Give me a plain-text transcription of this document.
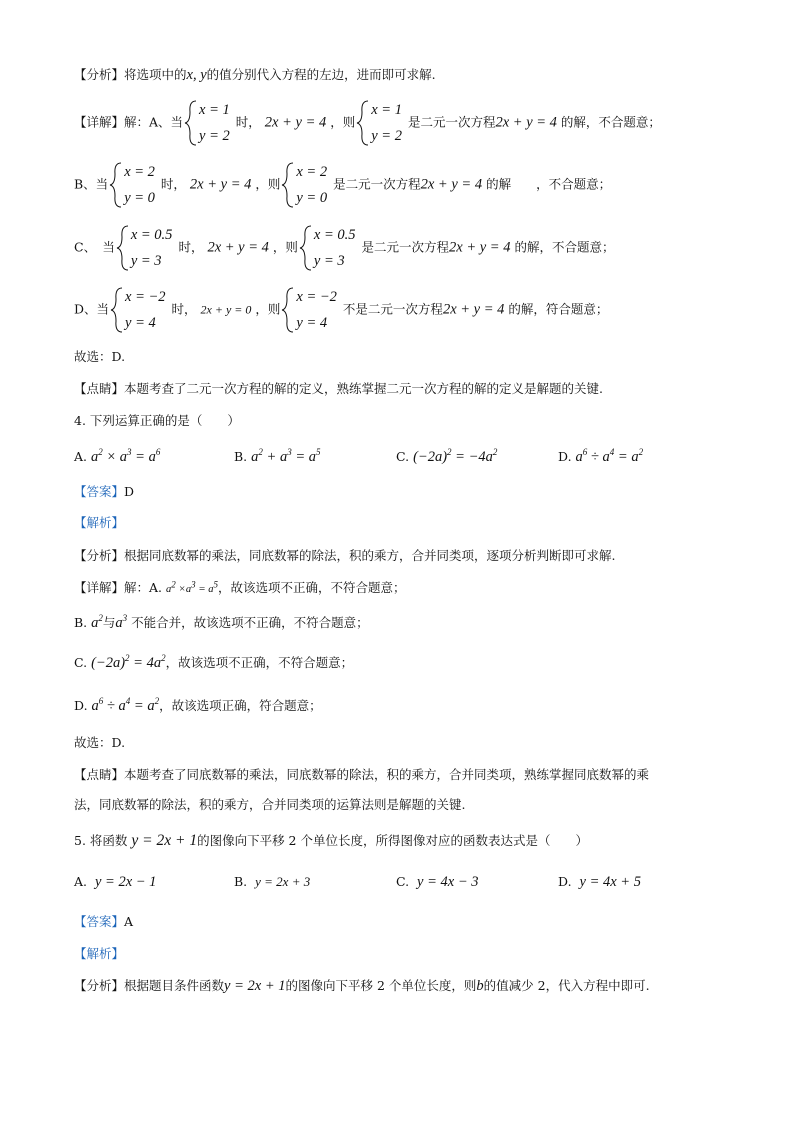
【分析】将选项中的x, y的值分别代入方程的左边，进而即可求解.
【详解】解：A、当
x = 1
y = 2
时， 2x + y = 4 ，则
x = 1
y = 2
是二元一次方程2x + y = 4 的解，不合题意；
B、当
x = 2
y = 0
时， 2x + y = 4 ，则
x = 2
y = 0
是二元一次方程2x + y = 4 的解　　，不合题意；
C、　当
x = 0.5
y = 3
时， 2x + y = 4 ，则
x = 0.5
y = 3
是二元一次方程2x + y = 4 的解，不合题意；
D、当
x = −2
y = 4
时， 2x + y = 0 ，则
x = −2
y = 4
不是二元一次方程2x + y = 4 的解，符合题意；
故选：D.
【点睛】本题考查了二元一次方程的解的定义，熟练掌握二元一次方程的解的定义是解题的关键.
4. 下列运算正确的是（　　）
A. $a^2 \times a^3 = a^6$	B. $a^2 + a^3 = a^5$	C. $(-2a)^2 = -4a^2$	D. $a^6 \div a^4 = a^2$
【答案】D
【解析】
【分析】根据同底数幂的乘法，同底数幂的除法，积的乘方，合并同类项，逐项分析判断即可求解.
【详解】解：A. $a^2 \times a^3 = a^5$，故该选项不正确，不符合题意；
B. $a^2$与$a^3$ 不能合并，故该选项不正确，不符合题意；
C. $(-2a)^2 = 4a^2$，故该选项不正确，不符合题意；
D. $a^6 \div a^4 = a^2$，故该选项正确，符合题意；
故选：D.
【点睛】本题考查了同底数幂的乘法，同底数幂的除法，积的乘方，合并同类项，熟练掌握同底数幂的乘
法，同底数幂的除法，积的乘方，合并同类项的运算法则是解题的关键.
5. 将函数 y = 2x + 1的图像向下平移 2 个单位长度，所得图像对应的函数表达式是（　　）
A. y = 2x − 1	B. y = 2x + 3	C. y = 4x − 3	D. y = 4x + 5
【答案】A
【解析】
【分析】根据题目条件函数y = 2x + 1的图像向下平移 2 个单位长度，则b的值减少 2，代入方程中即可.
